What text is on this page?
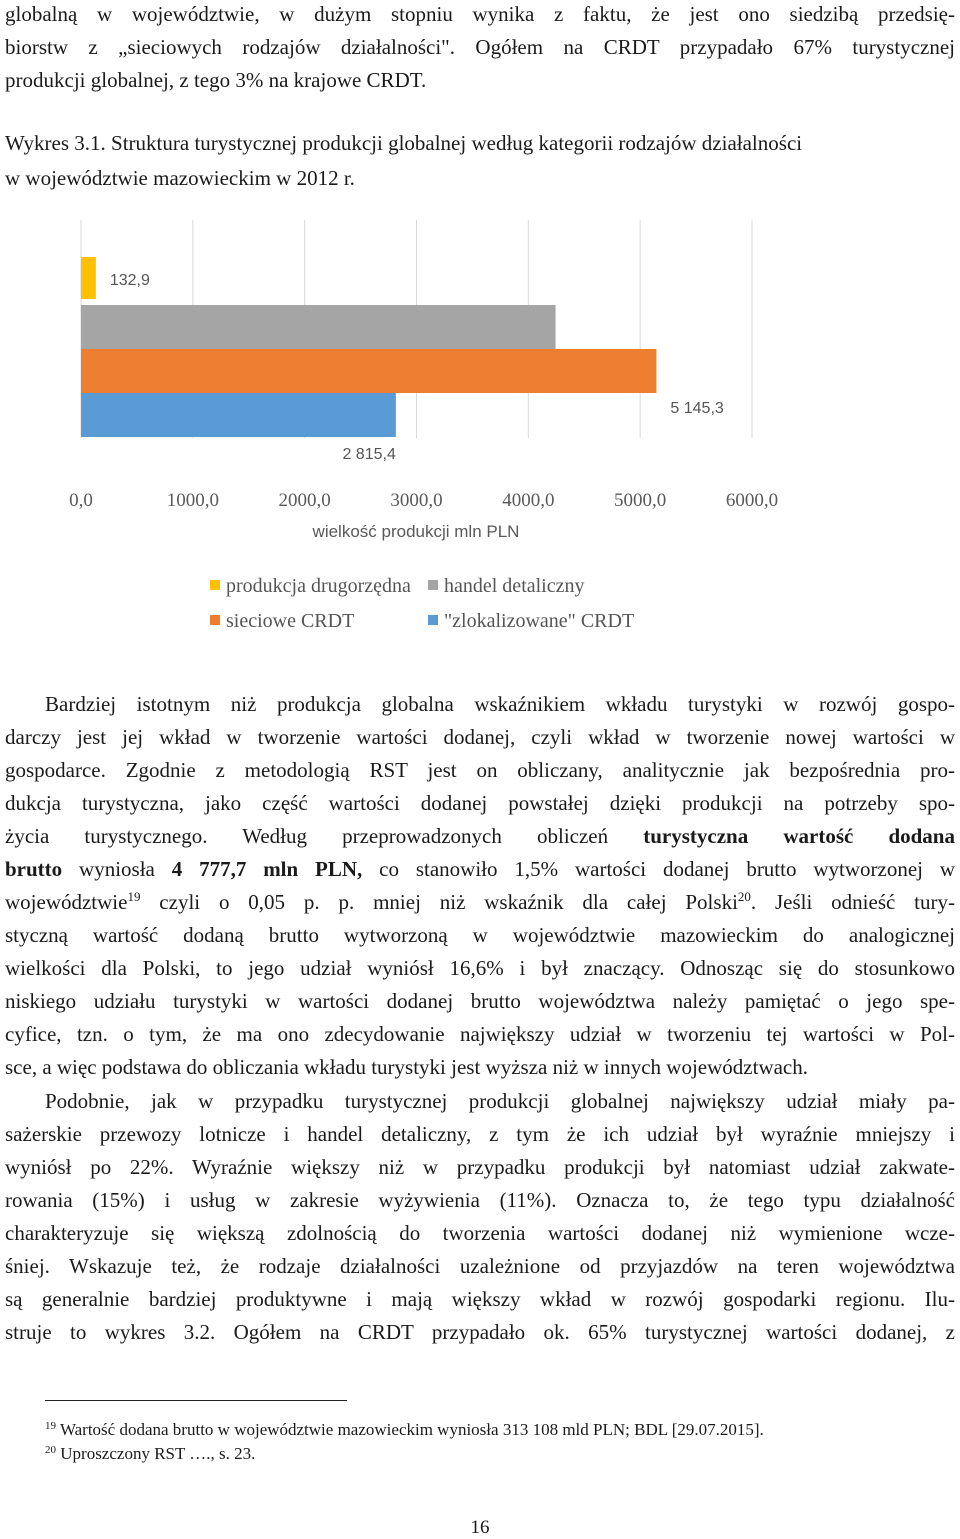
globalną w województwie, w dużym stopniu wynika z faktu, że jest ono siedzibą przedsię-
biorstw z „sieciowych rodzajów działalności". Ogółem na CRDT przypadało 67% turystycznej
produkcji globalnej, z tego 3% na krajowe CRDT.
Wykres 3.1. Struktura turystycznej produkcji globalnej według kategorii rodzajów działalności
w województwie mazowieckim w 2012 r.
132,9
5 145,3
2 815,4
0,0	1000,0	2000,0	3000,0	4000,0	5000,0	6000,0
wielkość produkcji mln PLN
produkcja drugorzędna	handel detaliczny
sieciowe CRDT	"zlokalizowane" CRDT
Bardziej istotnym niż produkcja globalna wskaźnikiem wkładu turystyki w rozwój gospo-
darczy jest jej wkład w tworzenie wartości dodanej, czyli wkład w tworzenie nowej wartości w
gospodarce. Zgodnie z metodologią RST jest on obliczany, analitycznie jak bezpośrednia pro-
dukcja turystyczna, jako część wartości dodanej powstałej dzięki produkcji na potrzeby spo-
życia turystycznego. Według przeprowadzonych obliczeń turystyczna wartość dodana
brutto wyniosła 4 777,7 mln PLN, co stanowiło 1,5% wartości dodanej brutto wytworzonej w
województwie$^{19}$ czyli o 0,05 p. p. mniej niż wskaźnik dla całej Polski$^{20}$. Jeśli odnieść tury-
styczną wartość dodaną brutto wytworzoną w województwie mazowieckim do analogicznej
wielkości dla Polski, to jego udział wyniósł 16,6% i był znaczący. Odnosząc się do stosunkowo
niskiego udziału turystyki w wartości dodanej brutto województwa należy pamiętać o jego spe-
cyfice, tzn. o tym, że ma ono zdecydowanie największy udział w tworzeniu tej wartości w Pol-
sce, a więc podstawa do obliczania wkładu turystyki jest wyższa niż w innych województwach.
Podobnie, jak w przypadku turystycznej produkcji globalnej największy udział miały pa-
sażerskie przewozy lotnicze i handel detaliczny, z tym że ich udział był wyraźnie mniejszy i
wyniósł po 22%. Wyraźnie większy niż w przypadku produkcji był natomiast udział zakwate-
rowania (15%) i usług w zakresie wyżywienia (11%). Oznacza to, że tego typu działalność
charakteryzuje się większą zdolnością do tworzenia wartości dodanej niż wymienione wcze-
śniej. Wskazuje też, że rodzaje działalności uzależnione od przyjazdów na teren województwa
są generalnie bardziej produktywne i mają większy wkład w rozwój gospodarki regionu. Ilu-
struje to wykres 3.2. Ogółem na CRDT przypadało ok. 65% turystycznej wartości dodanej, z
$^{19}$ Wartość dodana brutto w województwie mazowieckim wyniosła 313 108 mld PLN; BDL [29.07.2015].
$^{20}$ Uproszczony RST …., s. 23.
16
